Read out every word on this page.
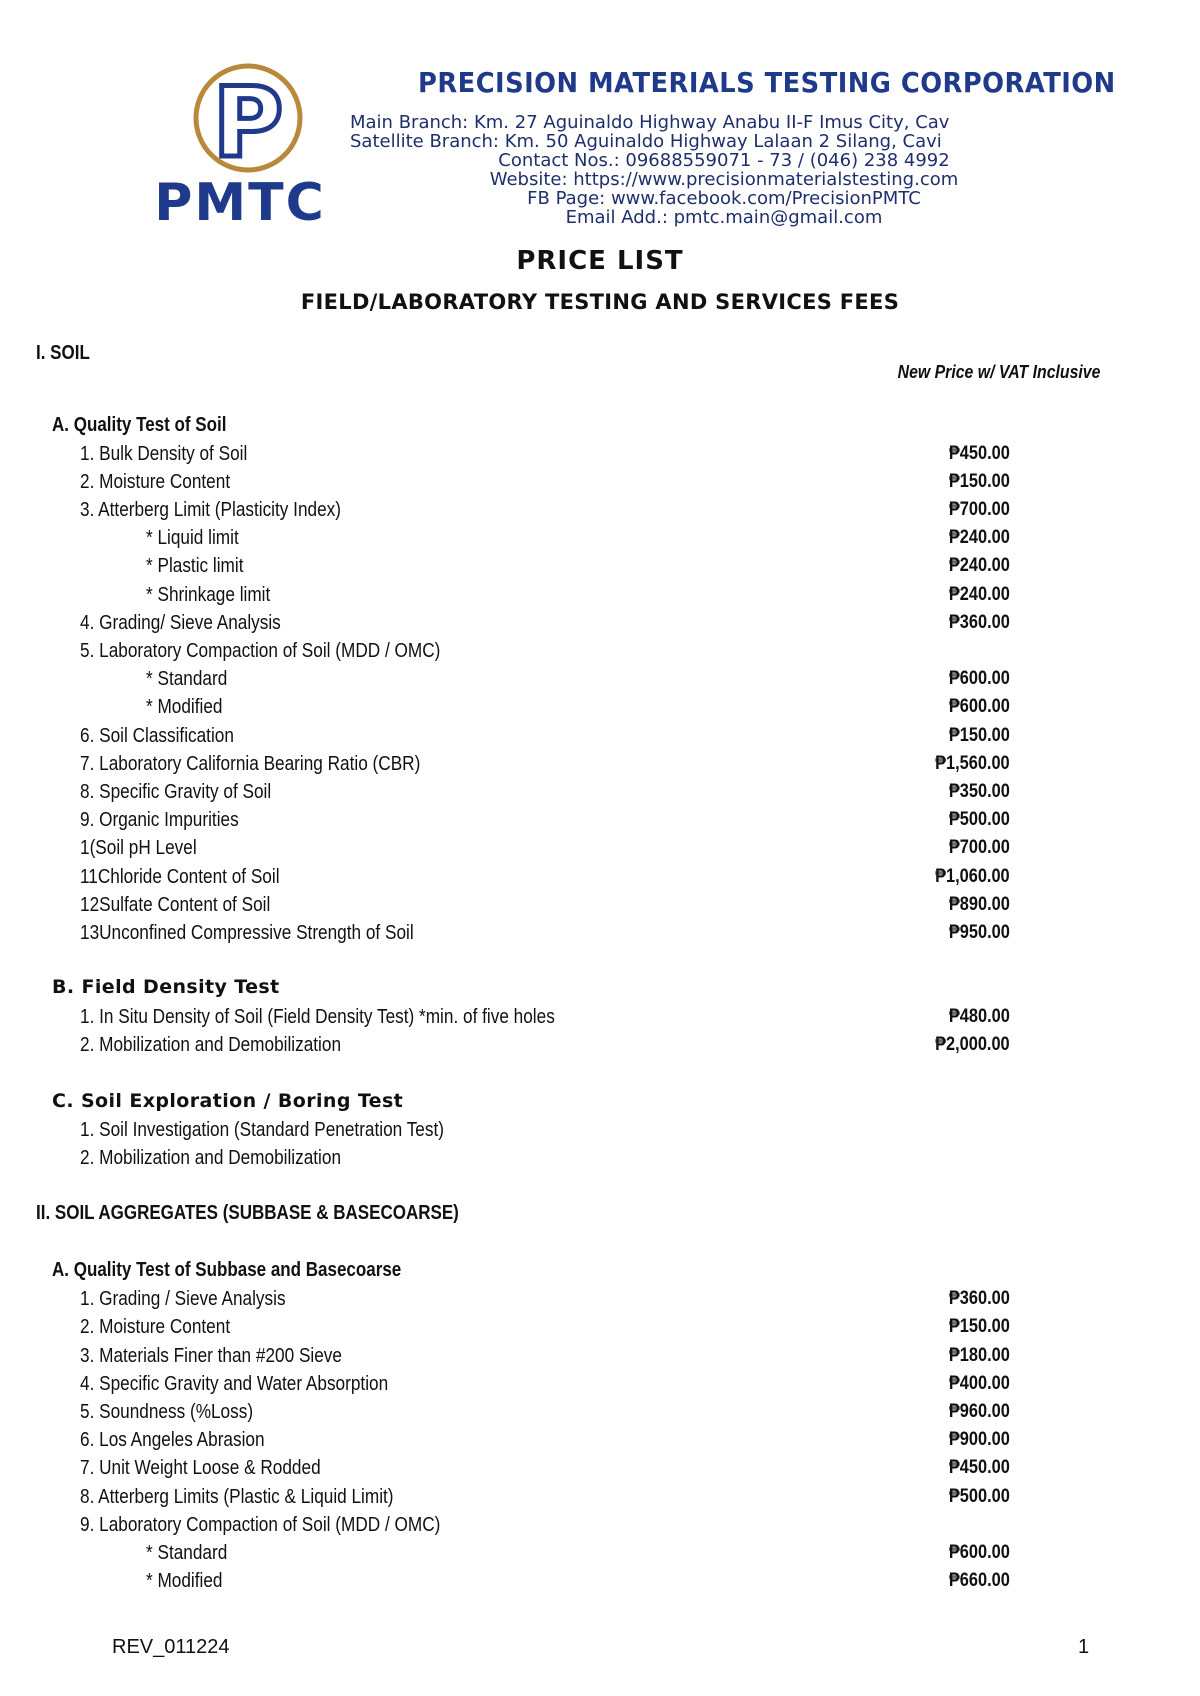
P
PMTC
PRECISION MATERIALS TESTING CORPORATION
Main Branch: Km. 27 Aguinaldo Highway Anabu II-F Imus City, Cav
Satellite Branch: Km. 50 Aguinaldo Highway Lalaan 2 Silang, Cavi
Contact Nos.: 09688559071 - 73 / (046) 238 4992
Website: https://www.precisionmaterialstesting.com
FB Page: www.facebook.com/PrecisionPMTC
Email Add.: pmtc.main@gmail.com
PRICE LIST
FIELD/LABORATORY TESTING AND SERVICES FEES
I. SOIL
New Price w/ VAT Inclusive
A. Quality Test of Soil
1. Bulk Density of Soil	₱450.00
2. Moisture Content	₱150.00
3. Atterberg Limit (Plasticity Index)	₱700.00
* Liquid limit	₱240.00
* Plastic limit	₱240.00
* Shrinkage limit	₱240.00
4. Grading/ Sieve Analysis	₱360.00
5. Laboratory Compaction of Soil (MDD / OMC)
* Standard	₱600.00
* Modified	₱600.00
6. Soil Classification	₱150.00
7. Laboratory California Bearing Ratio (CBR)	₱1,560.00
8. Specific Gravity of Soil	₱350.00
9. Organic Impurities	₱500.00
1(Soil pH Level	₱700.00
11Chloride Content of Soil	₱1,060.00
12Sulfate Content of Soil	₱890.00
13Unconfined Compressive Strength of Soil	₱950.00
B. Field Density Test
1. In Situ Density of Soil (Field Density Test) *min. of five holes	₱480.00
2. Mobilization and Demobilization	₱2,000.00
C. Soil Exploration / Boring Test
1. Soil Investigation (Standard Penetration Test)
2. Mobilization and Demobilization
II. SOIL AGGREGATES (SUBBASE & BASECOARSE)
A. Quality Test of Subbase and Basecoarse
1. Grading / Sieve Analysis	₱360.00
2. Moisture Content	₱150.00
3. Materials Finer than #200 Sieve	₱180.00
4. Specific Gravity and Water Absorption	₱400.00
5. Soundness (%Loss)	₱960.00
6. Los Angeles Abrasion	₱900.00
7. Unit Weight Loose & Rodded	₱450.00
8. Atterberg Limits (Plastic & Liquid Limit)	₱500.00
9. Laboratory Compaction of Soil (MDD / OMC)
* Standard	₱600.00
* Modified	₱660.00
REV_011224	1
